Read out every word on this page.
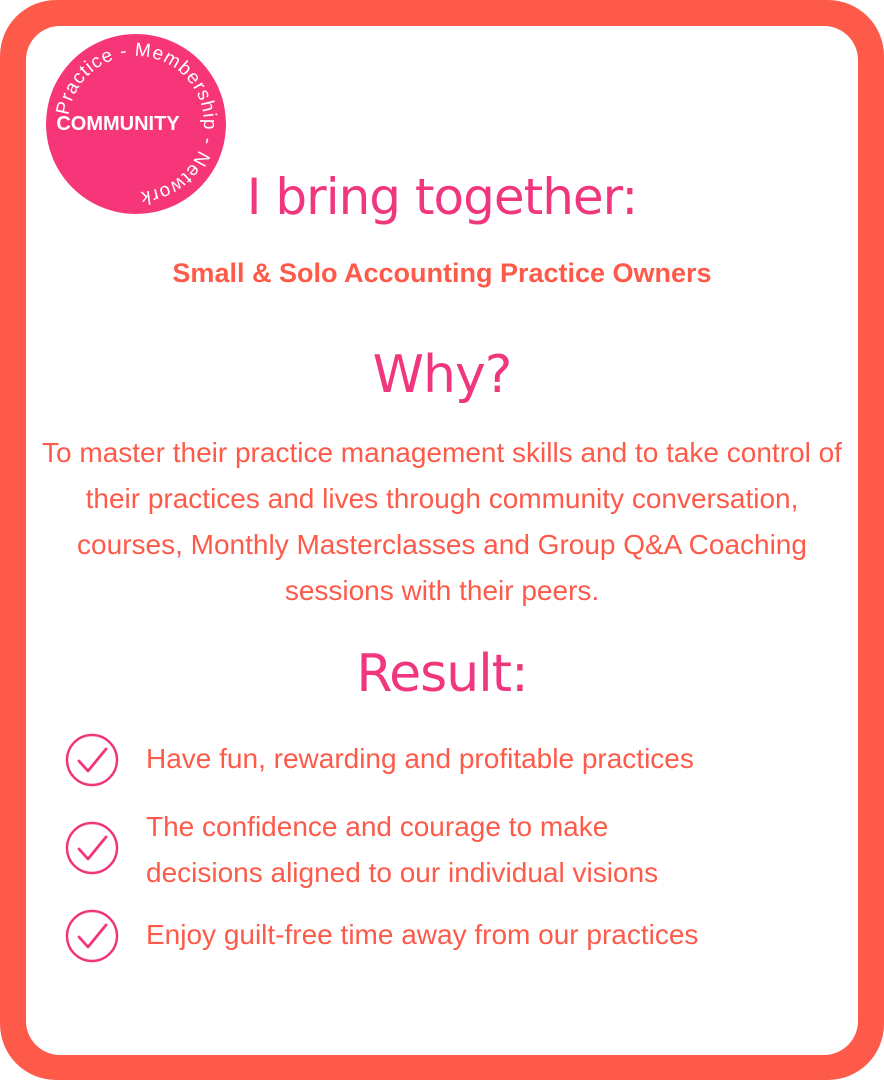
Practice - Membership - Network
COMMUNITY
I bring together:

Small & Solo Accounting Practice Owners

Why?

To master their practice management skills and to take control of their practices and lives through community conversation, courses, Monthly Masterclasses and Group Q&A Coaching sessions with their peers.

Result:
Have fun, rewarding and profitable practices
The confidence and courage to make decisions aligned to our individual visions
Enjoy guilt-free time away from our practices
